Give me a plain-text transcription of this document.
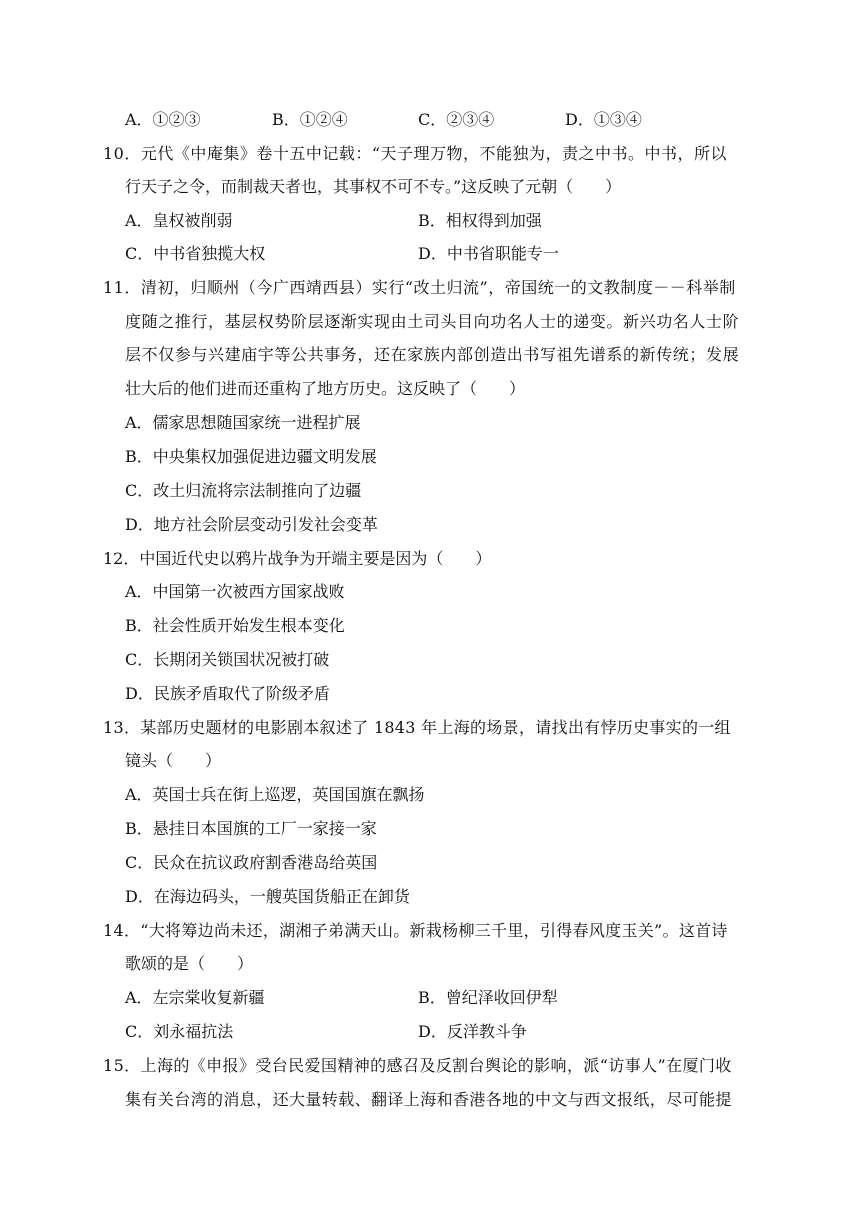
A．①②③	B．①②④	C．②③④	D．①③④
10．元代《中庵集》卷十五中记载：“天子理万物，不能独为，责之中书。中书，所以
行天子之令，而制裁天者也，其事权不可不专。”这反映了元朝（　　）
A．皇权被削弱	B．相权得到加强
C．中书省独揽大权	D．中书省职能专一
11．清初，归顺州（今广西靖西县）实行“改土归流”，帝国统一的文教制度－－科举制
度随之推行，基层权势阶层逐渐实现由土司头目向功名人士的递变。新兴功名人士阶
层不仅参与兴建庙宇等公共事务，还在家族内部创造出书写祖先谱系的新传统；发展
壮大后的他们进而还重构了地方历史。这反映了（　　）
A．儒家思想随国家统一进程扩展
B．中央集权加强促进边疆文明发展
C．改土归流将宗法制推向了边疆
D．地方社会阶层变动引发社会变革
12．中国近代史以鸦片战争为开端主要是因为（　　）
A．中国第一次被西方国家战败
B．社会性质开始发生根本变化
C．长期闭关锁国状况被打破
D．民族矛盾取代了阶级矛盾
13．某部历史题材的电影剧本叙述了 1843 年上海的场景，请找出有悖历史事实的一组
镜头（　　）
A．英国士兵在街上巡逻，英国国旗在飘扬
B．悬挂日本国旗的工厂一家接一家
C．民众在抗议政府割香港岛给英国
D．在海边码头，一艘英国货船正在卸货
14．“大将筹边尚未还，湖湘子弟满天山。新栽杨柳三千里，引得春风度玉关”。这首诗
歌颂的是（　　）
A．左宗棠收复新疆	B．曾纪泽收回伊犁
C．刘永福抗法	D．反洋教斗争
15．上海的《申报》受台民爱国精神的感召及反割台舆论的影响，派“访事人”在厦门收
集有关台湾的消息，还大量转载、翻译上海和香港各地的中文与西文报纸，尽可能提
